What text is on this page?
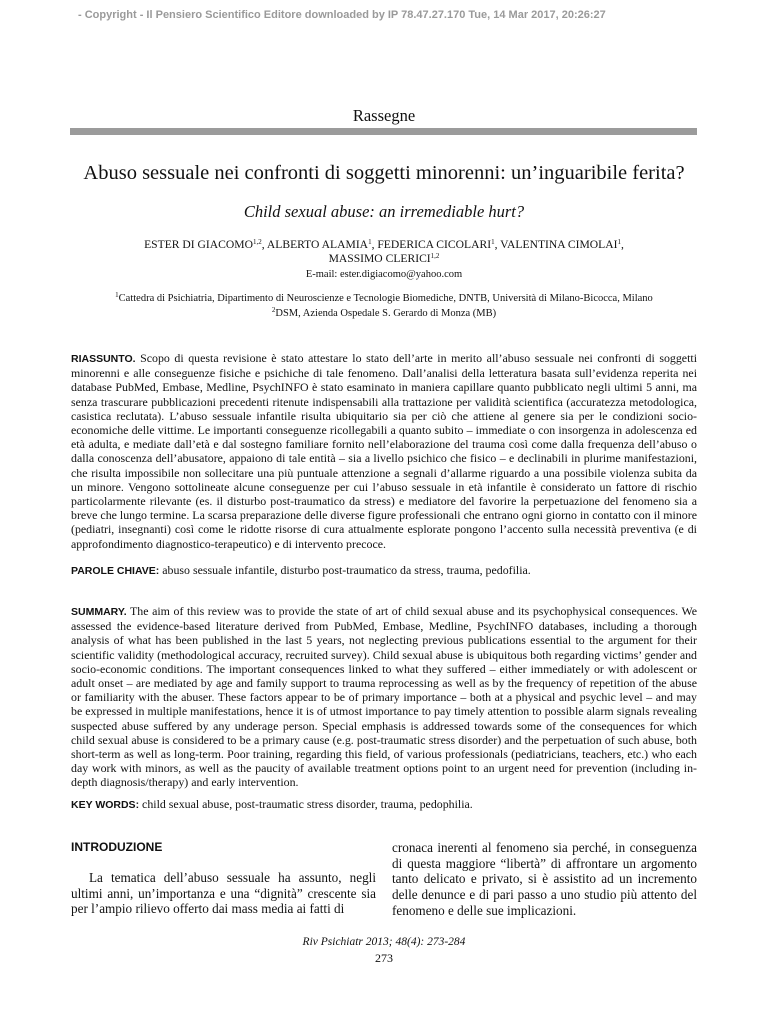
- Copyright - Il Pensiero Scientifico Editore downloaded by IP 78.47.27.170 Tue, 14 Mar 2017, 20:26:27
Rassegne
Abuso sessuale nei confronti di soggetti minorenni: un’inguaribile ferita?
Child sexual abuse: an irremediable hurt?
ESTER DI GIACOMO$^{1,2}$, ALBERTO ALAMIA$^1$, FEDERICA CICOLARI$^1$, VALENTINA CIMOLAI$^1$,
MASSIMO CLERICI$^{1,2}$
E-mail: ester.digiacomo@yahoo.com
$^1$Cattedra di Psichiatria, Dipartimento di Neuroscienze e Tecnologie Biomediche, DNTB, Università di Milano-Bicocca, Milano
$^2$DSM, Azienda Ospedale S. Gerardo di Monza (MB)
RIASSUNTO. Scopo di questa revisione è stato attestare lo stato dell’arte in merito all’abuso sessuale nei confronti di soggetti minorenni e alle conseguenze fisiche e psichiche di tale fenomeno. Dall’analisi della letteratura basata sull’evidenza reperita nei database PubMed, Embase, Medline, PsychINFO è stato esaminato in maniera capillare quanto pubblicato negli ultimi 5 anni, ma senza trascurare pubblicazioni precedenti ritenute indispensabili alla trattazione per validità scientifica (accuratezza metodologica, casistica reclutata). L’abuso sessuale infantile risulta ubiquitario sia per ciò che attiene al genere sia per le condizioni socio-economiche delle vittime. Le importanti conseguenze ricollegabili a quanto subito – immediate o con insorgenza in adolescenza ed età adulta, e mediate dall’età e dal sostegno familiare fornito nell’elaborazione del trauma così come dalla frequenza dell’abuso o dalla conoscenza dell’abusatore, appaiono di tale entità – sia a livello psichico che fisico – e declinabili in plurime manifestazioni, che risulta impossibile non sollecitare una più puntuale attenzione a segnali d’allarme riguardo a una possibile violenza subita da un minore. Vengono sottolineate alcune conseguenze per cui l’abuso sessuale in età infantile è considerato un fattore di rischio particolarmente rilevante (es. il disturbo post-traumatico da stress) e mediatore del favorire la perpetuazione del fenomeno sia a breve che lungo termine. La scarsa preparazione delle diverse figure professionali che entrano ogni giorno in contatto con il minore (pediatri, insegnanti) così come le ridotte risorse di cura attualmente esplorate pongono l’accento sulla necessità preventiva (e di approfondimento diagnostico-terapeutico) e di intervento precoce.
PAROLE CHIAVE: abuso sessuale infantile, disturbo post-traumatico da stress, trauma, pedofilia.
SUMMARY. The aim of this review was to provide the state of art of child sexual abuse and its psychophysical consequences. We assessed the evidence-based literature derived from PubMed, Embase, Medline, PsychINFO databases, including a thorough analysis of what has been published in the last 5 years, not neglecting previous publications essential to the argument for their scientific validity (methodological accuracy, recruited survey). Child sexual abuse is ubiquitous both regarding victims’ gender and socio-economic conditions. The important consequences linked to what they suffered – either immediately or with adolescent or adult onset – are mediated by age and family support to trauma reprocessing as well as by the frequency of repetition of the abuse or familiarity with the abuser. These factors appear to be of primary importance – both at a physical and psychic level – and may be expressed in multiple manifestations, hence it is of utmost importance to pay timely attention to possible alarm signals revealing suspected abuse suffered by any underage person. Special emphasis is addressed towards some of the consequences for which child sexual abuse is considered to be a primary cause (e.g. post-traumatic stress disorder) and the perpetuation of such abuse, both short-term as well as long-term. Poor training, regarding this field, of various professionals (pediatricians, teachers, etc.) who each day work with minors, as well as the paucity of available treatment options point to an urgent need for prevention (including in-depth diagnosis/therapy) and early intervention.
KEY WORDS: child sexual abuse, post-traumatic stress disorder, trauma, pedophilia.
INTRODUZIONE
La tematica dell’abuso sessuale ha assunto, negli ultimi anni, un’importanza e una “dignità” crescente sia per l’ampio rilievo offerto dai mass media ai fatti di
cronaca inerenti al fenomeno sia perché, in conseguenza di questa maggiore “libertà” di affrontare un argomento tanto delicato e privato, si è assistito ad un incremento delle denunce e di pari passo a uno studio più attento del fenomeno e delle sue implicazioni.
Riv Psichiatr 2013; 48(4): 273-284
273
